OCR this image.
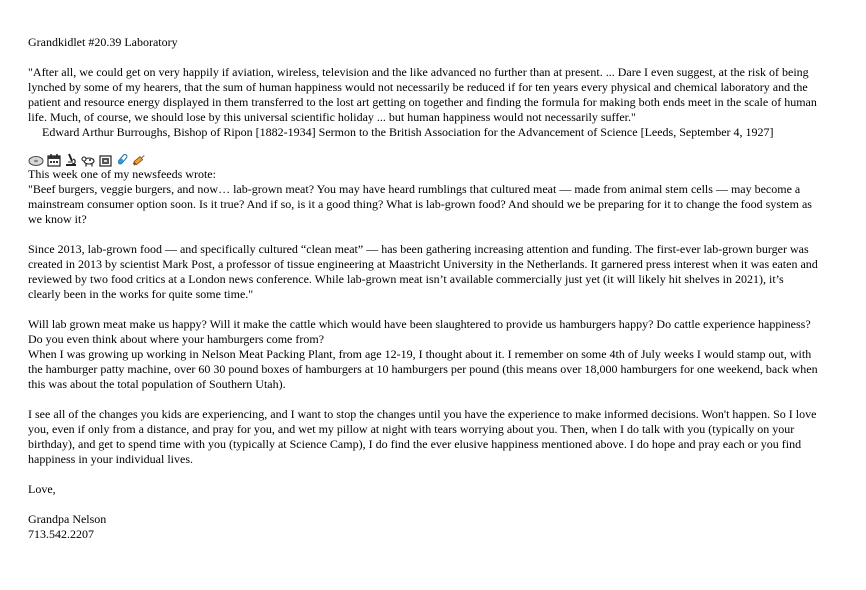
Grandkidlet #20.39 Laboratory

"After all, we could get on very happily if aviation, wireless, television and the like advanced no further than at present. ... Dare I even suggest, at the risk of being lynched by some of my hearers, that the sum of human happiness would not necessarily be reduced if for ten years every physical and chemical laboratory and the patient and resource energy displayed in them transferred to the lost art getting on together and finding the formula for making both ends meet in the scale of human life. Much, of course, we should lose by this universal scientific holiday ... but human happiness would not necessarily suffer."

Edward Arthur Burroughs, Bishop of Ripon [1882-1934] Sermon to the British Association for the Advancement of Science [Leeds, September 4, 1927]

This week one of my newsfeeds wrote:

"Beef burgers, veggie burgers, and now… lab-grown meat? You may have heard rumblings that cultured meat — made from animal stem cells — may become a mainstream consumer option soon. Is it true? And if so, is it a good thing? What is lab-grown food? And should we be preparing for it to change the food system as we know it?

Since 2013, lab-grown food — and specifically cultured “clean meat” — has been gathering increasing attention and funding. The first-ever lab-grown burger was created in 2013 by scientist Mark Post, a professor of tissue engineering at Maastricht University in the Netherlands. It garnered press interest when it was eaten and reviewed by two food critics at a London news conference. While lab-grown meat isn’t available commercially just yet (it will likely hit shelves in 2021), it’s clearly been in the works for quite some time."

Will lab grown meat make us happy? Will it make the cattle which would have been slaughtered to provide us hamburgers happy? Do cattle experience happiness? Do you even think about where your hamburgers come from?

When I was growing up working in Nelson Meat Packing Plant, from age 12-19, I thought about it. I remember on some 4th of July weeks I would stamp out, with the hamburger patty machine, over 60 30 pound boxes of hamburgers at 10 hamburgers per pound (this means over 18,000 hamburgers for one weekend, back when this was about the total population of Southern Utah).

I see all of the changes you kids are experiencing, and I want to stop the changes until you have the experience to make informed decisions. Won't happen. So I love you, even if only from a distance, and pray for you, and wet my pillow at night with tears worrying about you. Then, when I do talk with you (typically on your birthday), and get to spend time with you (typically at Science Camp), I do find the ever elusive happiness mentioned above. I do hope and pray each or you find happiness in your individual lives.

Love,

Grandpa Nelson

713.542.2207
